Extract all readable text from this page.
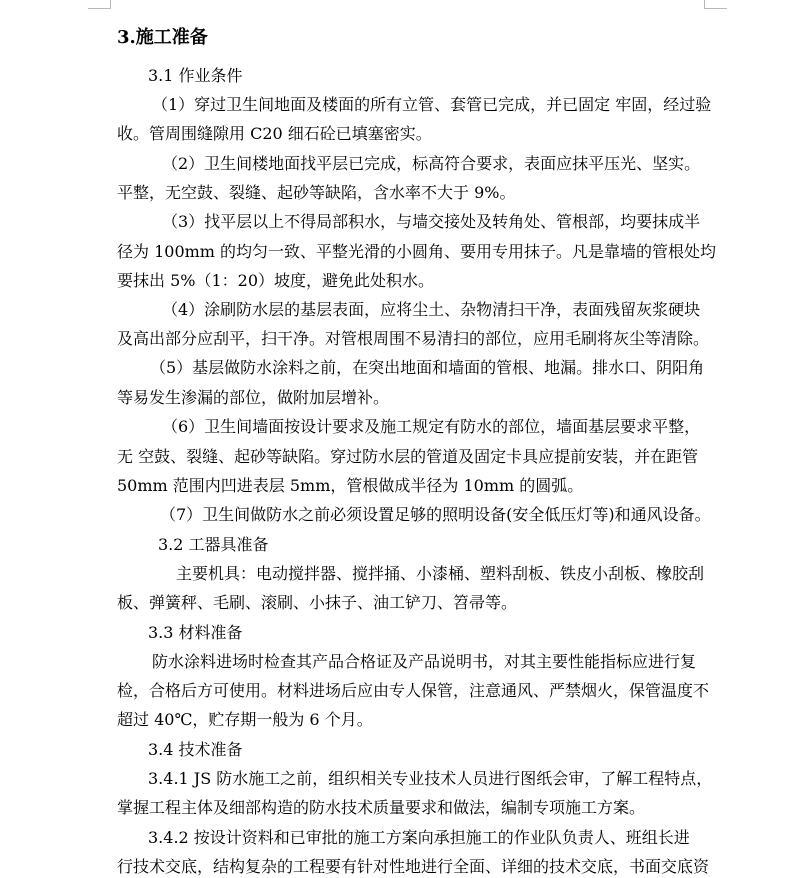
3.施工准备
3.1 作业条件
（1）穿过卫生间地面及楼面的所有立管、套管已完成，并已固定 牢固，经过验
收。管周围缝隙用 C20 细石砼已填塞密实。
（2）卫生间楼地面找平层已完成，标高符合要求，表面应抹平压光、坚实。
平整，无空鼓、裂缝、起砂等缺陷，含水率不大于 9%。
（3）找平层以上不得局部积水，与墙交接处及转角处、管根部，均要抹成半
径为 100mm 的均匀一致、平整光滑的小圆角、要用专用抹子。凡是靠墙的管根处均
要抹出 5%（1：20）坡度，避免此处积水。
（4）涂刷防水层的基层表面，应将尘土、杂物清扫干净，表面残留灰浆硬块
及高出部分应刮平，扫干净。对管根周围不易清扫的部位，应用毛刷将灰尘等清除。
（5）基层做防水涂料之前，在突出地面和墙面的管根、地漏。排水口、阴阳角
等易发生渗漏的部位，做附加层增补。
（6）卫生间墙面按设计要求及施工规定有防水的部位，墙面基层要求平整，
无 空鼓、裂缝、起砂等缺陷。穿过防水层的管道及固定卡具应提前安装，并在距管
50mm 范围内凹进表层 5mm，管根做成半径为 10mm 的圆弧。
（7）卫生间做防水之前必须设置足够的照明设备(安全低压灯等)和通风设备。
3.2 工器具准备
主要机具：电动搅拌器、搅拌捅、小漆桶、塑料刮板、铁皮小刮板、橡胶刮
板、弹簧秤、毛刷、滚刷、小抹子、油工铲刀、笤帚等。
3.3 材料准备
防水涂料进场时检查其产品合格证及产品说明书，对其主要性能指标应进行复
检，合格后方可使用。材料进场后应由专人保管，注意通风、严禁烟火，保管温度不
超过 40℃，贮存期一般为 6 个月。
3.4 技术准备
3.4.1 JS 防水施工之前，组织相关专业技术人员进行图纸会审，了解工程特点，
掌握工程主体及细部构造的防水技术质量要求和做法，编制专项施工方案。
3.4.2 按设计资料和已审批的施工方案向承担施工的作业队负责人、班组长进
行技术交底，结构复杂的工程要有针对性地进行全面、详细的技术交底，书面交底资
